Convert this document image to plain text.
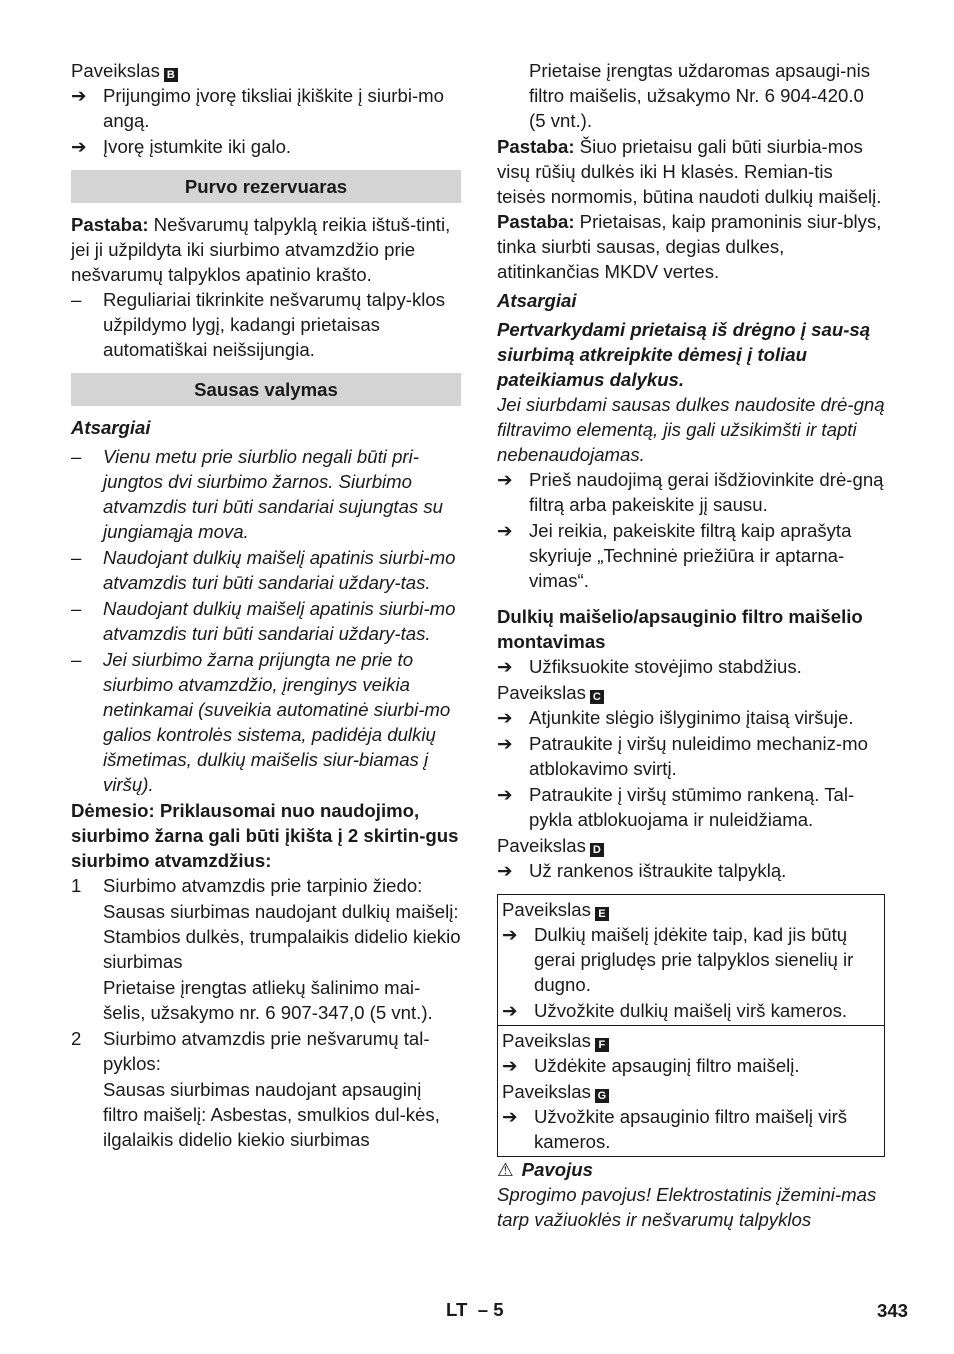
Paveikslas B

➔ Prijungimo įvorę tiksliai įkiškite į siurbi-mo angą.
➔ Įvorę įstumkite iki galo.
Purvo rezervuaras

Pastaba: Nešvarumų talpyklą reikia ištuš-tinti, jei ji užpildyta iki siurbimo atvamzdžio prie nešvarumų talpyklos apatinio krašto.

–	Reguliariai tikrinkite nešvarumų talpy-klos užpildymo lygį, kadangi prietaisas automatiškai neišsijungia.
Sausas valymas

Atsargiai

–	Vienu metu prie siurblio negali būti pri-jungtos dvi siurbimo žarnos. Siurbimo atvamzdis turi būti sandariai sujungtas su jungiamąja mova.
–	Naudojant dulkių maišelį apatinis siurbi-mo atvamzdis turi būti sandariai uždary-tas.
–	Naudojant dulkių maišelį apatinis siurbi-mo atvamzdis turi būti sandariai uždary-tas.
–	Jei siurbimo žarna prijungta ne prie to siurbimo atvamzdžio, įrenginys veikia netinkamai (suveikia automatinė siurbi-mo galios kontrolės sistema, padidėja dulkių išmetimas, dulkių maišelis siur-biamas į viršų).

Dėmesio: Priklausomai nuo naudojimo, siurbimo žarna gali būti įkišta į 2 skirtin-gus siurbimo atvamzdžius:

1	Siurbimo atvamzdis prie tarpinio žiedo:
Sausas siurbimas naudojant dulkių maišelį: Stambios dulkės, trumpalaikis didelio kiekio siurbimas
Prietaise įrengtas atliekų šalinimo mai-šelis, užsakymo nr. 6 907-347,0 (5 vnt.).
2	Siurbimo atvamzdis prie nešvarumų tal-pyklos:
Sausas siurbimas naudojant apsauginį filtro maišelį: Asbestas, smulkios dul-kės, ilgalaikis didelio kiekio siurbimas
Prietaise įrengtas uždaromas apsaugi-nis filtro maišelis, užsakymo Nr. 6 904-420.0 (5 vnt.).

Pastaba: Šiuo prietaisu gali būti siurbia-mos visų rūšių dulkės iki H klasės. Remian-tis teisės normomis, būtina naudoti dulkių maišelį.

Pastaba: Prietaisas, kaip pramoninis siur-blys, tinka siurbti sausas, degias dulkes, atitinkančias MKDV vertes.

Atsargiai

Pertvarkydami prietaisą iš drėgno į sau-są siurbimą atkreipkite dėmesį į toliau pateikiamus dalykus.

Jei siurbdami sausas dulkes naudosite drė-gną filtravimo elementą, jis gali užsikimšti ir tapti nebenaudojamas.

➔ Prieš naudojimą gerai išdžiovinkite drė-gną filtrą arba pakeiskite jį sausu.
➔ Jei reikia, pakeiskite filtrą kaip aprašyta skyriuje „Techninė priežiūra ir aptarna-vimas“.

Dulkių maišelio/apsauginio filtro maišelio montavimas

➔ Užfiksuokite stovėjimo stabdžius.

Paveikslas C

➔ Atjunkite slėgio išlyginimo įtaisą viršuje.
➔ Patraukite į viršų nuleidimo mechaniz-mo atblokavimo svirtį.
➔ Patraukite į viršų stūmimo rankeną. Tal-pykla atblokuojama ir nuleidžiama.

Paveikslas D

➔ Už rankenos ištraukite talpyklą.

Paveikslas E

➔ Dulkių maišelį įdėkite taip, kad jis būtų gerai prigludęs prie talpyklos sienelių ir dugno.
➔ Užvožkite dulkių maišelį virš kameros.

Paveikslas F

➔ Uždėkite apsauginį filtro maišelį.

Paveikslas G

➔ Užvožkite apsauginio filtro maišelį virš kameros.

⚠ Pavojus

Sprogimo pavojus! Elektrostatinis įžemini-mas tarp važiuoklės ir nešvarumų talpyklos

LT – 5	343
